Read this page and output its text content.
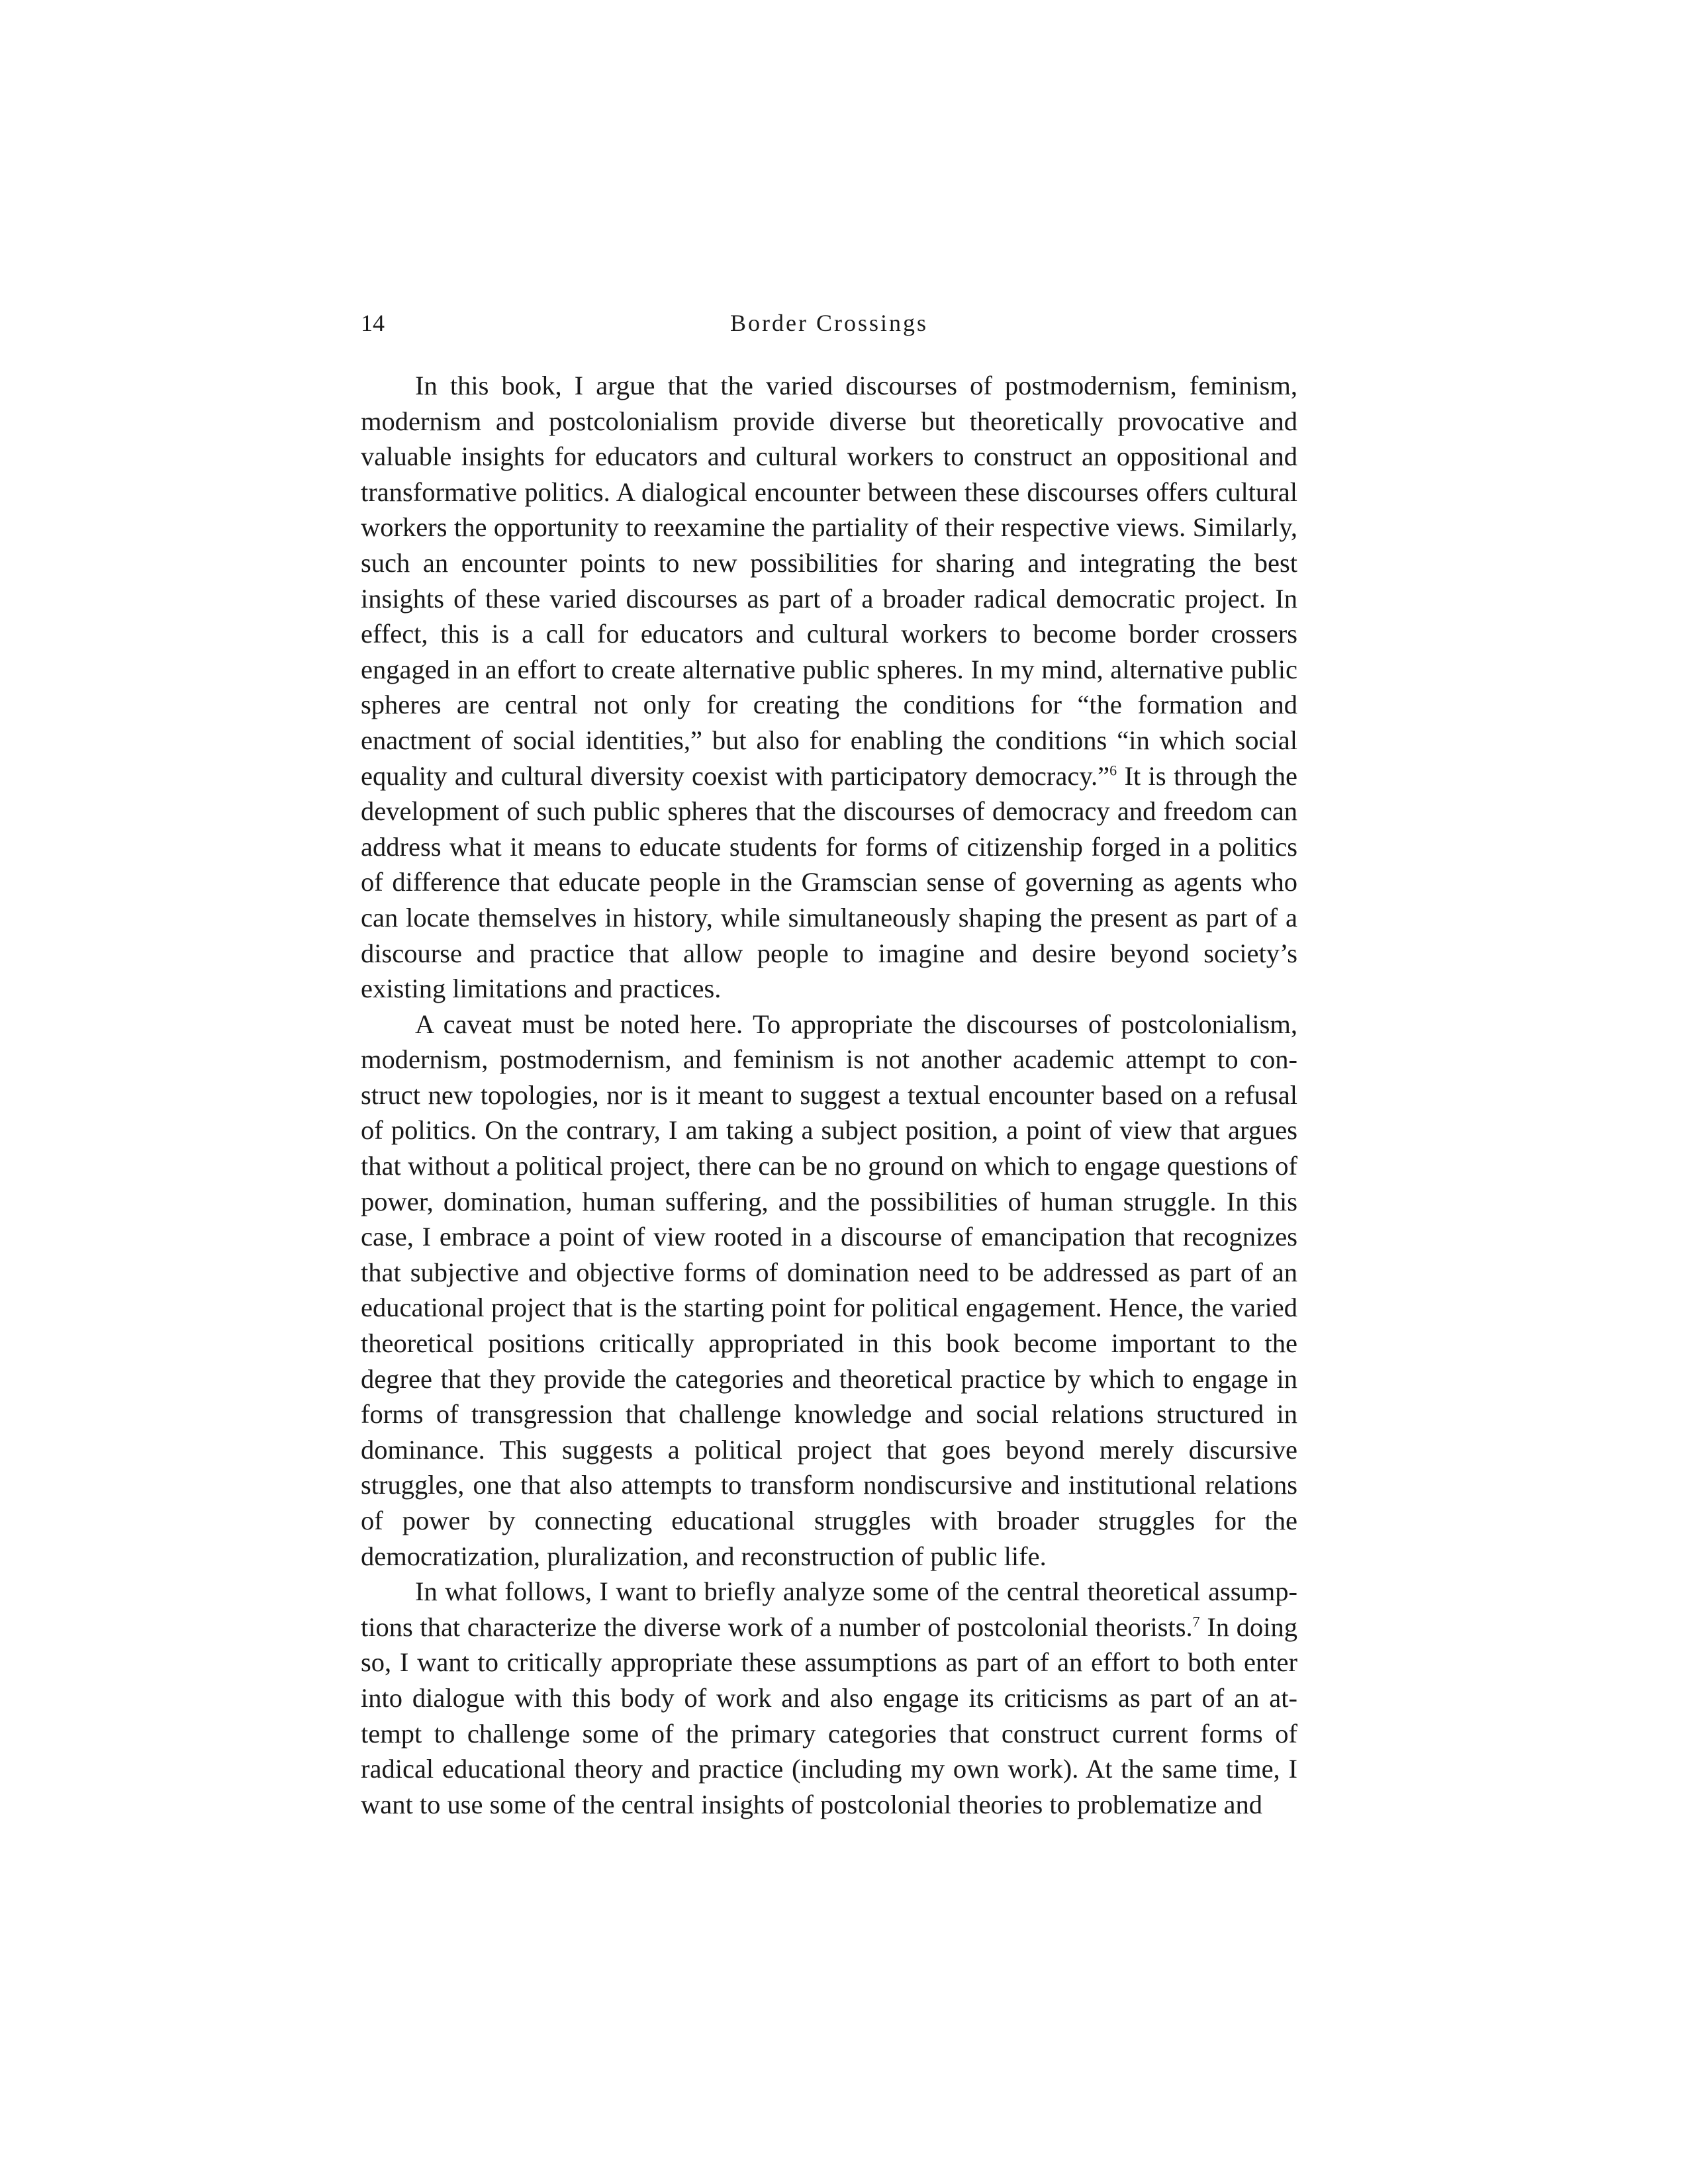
14	Border Crossings

In this book, I argue that the varied discourses of postmodernism, feminism, modernism and postcolonialism provide diverse but theoretically provocative and valuable insights for educators and cultural workers to construct an oppositional and transformative politics. A dialogical encounter between these discourses offers cultural workers the opportunity to reexamine the partiality of their respective views. Similarly, such an encounter points to new possibilities for sharing and integrating the best insights of these varied discourses as part of a broader radical democratic project. In effect, this is a call for educators and cultural workers to become border crossers engaged in an effort to create alternative public spheres. In my mind, alternative public spheres are central not only for creating the conditions for “the formation and enactment of social identities,” but also for enabling the conditions “in which social equality and cultural diversity coexist with participatory democracy.”$^6$ It is through the development of such public spheres that the discourses of democracy and freedom can address what it means to educate students for forms of citizenship forged in a politics of difference that educate people in the Gramscian sense of governing as agents who can locate themselves in history, while simultaneously shaping the present as part of a discourse and practice that allow people to imagine and desire beyond society’s existing limitations and practices.

A caveat must be noted here. To appropriate the discourses of postcolonialism, modernism, postmodernism, and feminism is not another academic attempt to construct new topologies, nor is it meant to suggest a textual encounter based on a refusal of politics. On the contrary, I am taking a subject position, a point of view that argues that without a political project, there can be no ground on which to engage questions of power, domination, human suffering, and the possibilities of human struggle. In this case, I embrace a point of view rooted in a discourse of emancipation that recognizes that subjective and objective forms of domination need to be addressed as part of an educational project that is the starting point for political engagement. Hence, the varied theoretical positions critically appropriated in this book become important to the degree that they provide the categories and theoretical practice by which to engage in forms of transgression that challenge knowledge and social relations structured in dominance. This suggests a political project that goes beyond merely discursive struggles, one that also attempts to transform nondiscursive and institutional relations of power by connecting educational struggles with broader struggles for the democratization, pluralization, and reconstruction of public life.

In what follows, I want to briefly analyze some of the central theoretical assumptions that characterize the diverse work of a number of postcolonial theorists.$^7$ In doing so, I want to critically appropriate these assumptions as part of an effort to both enter into dialogue with this body of work and also engage its criticisms as part of an attempt to challenge some of the primary categories that construct current forms of radical educational theory and practice (including my own work). At the same time, I want to use some of the central insights of postcolonial theories to problematize and
